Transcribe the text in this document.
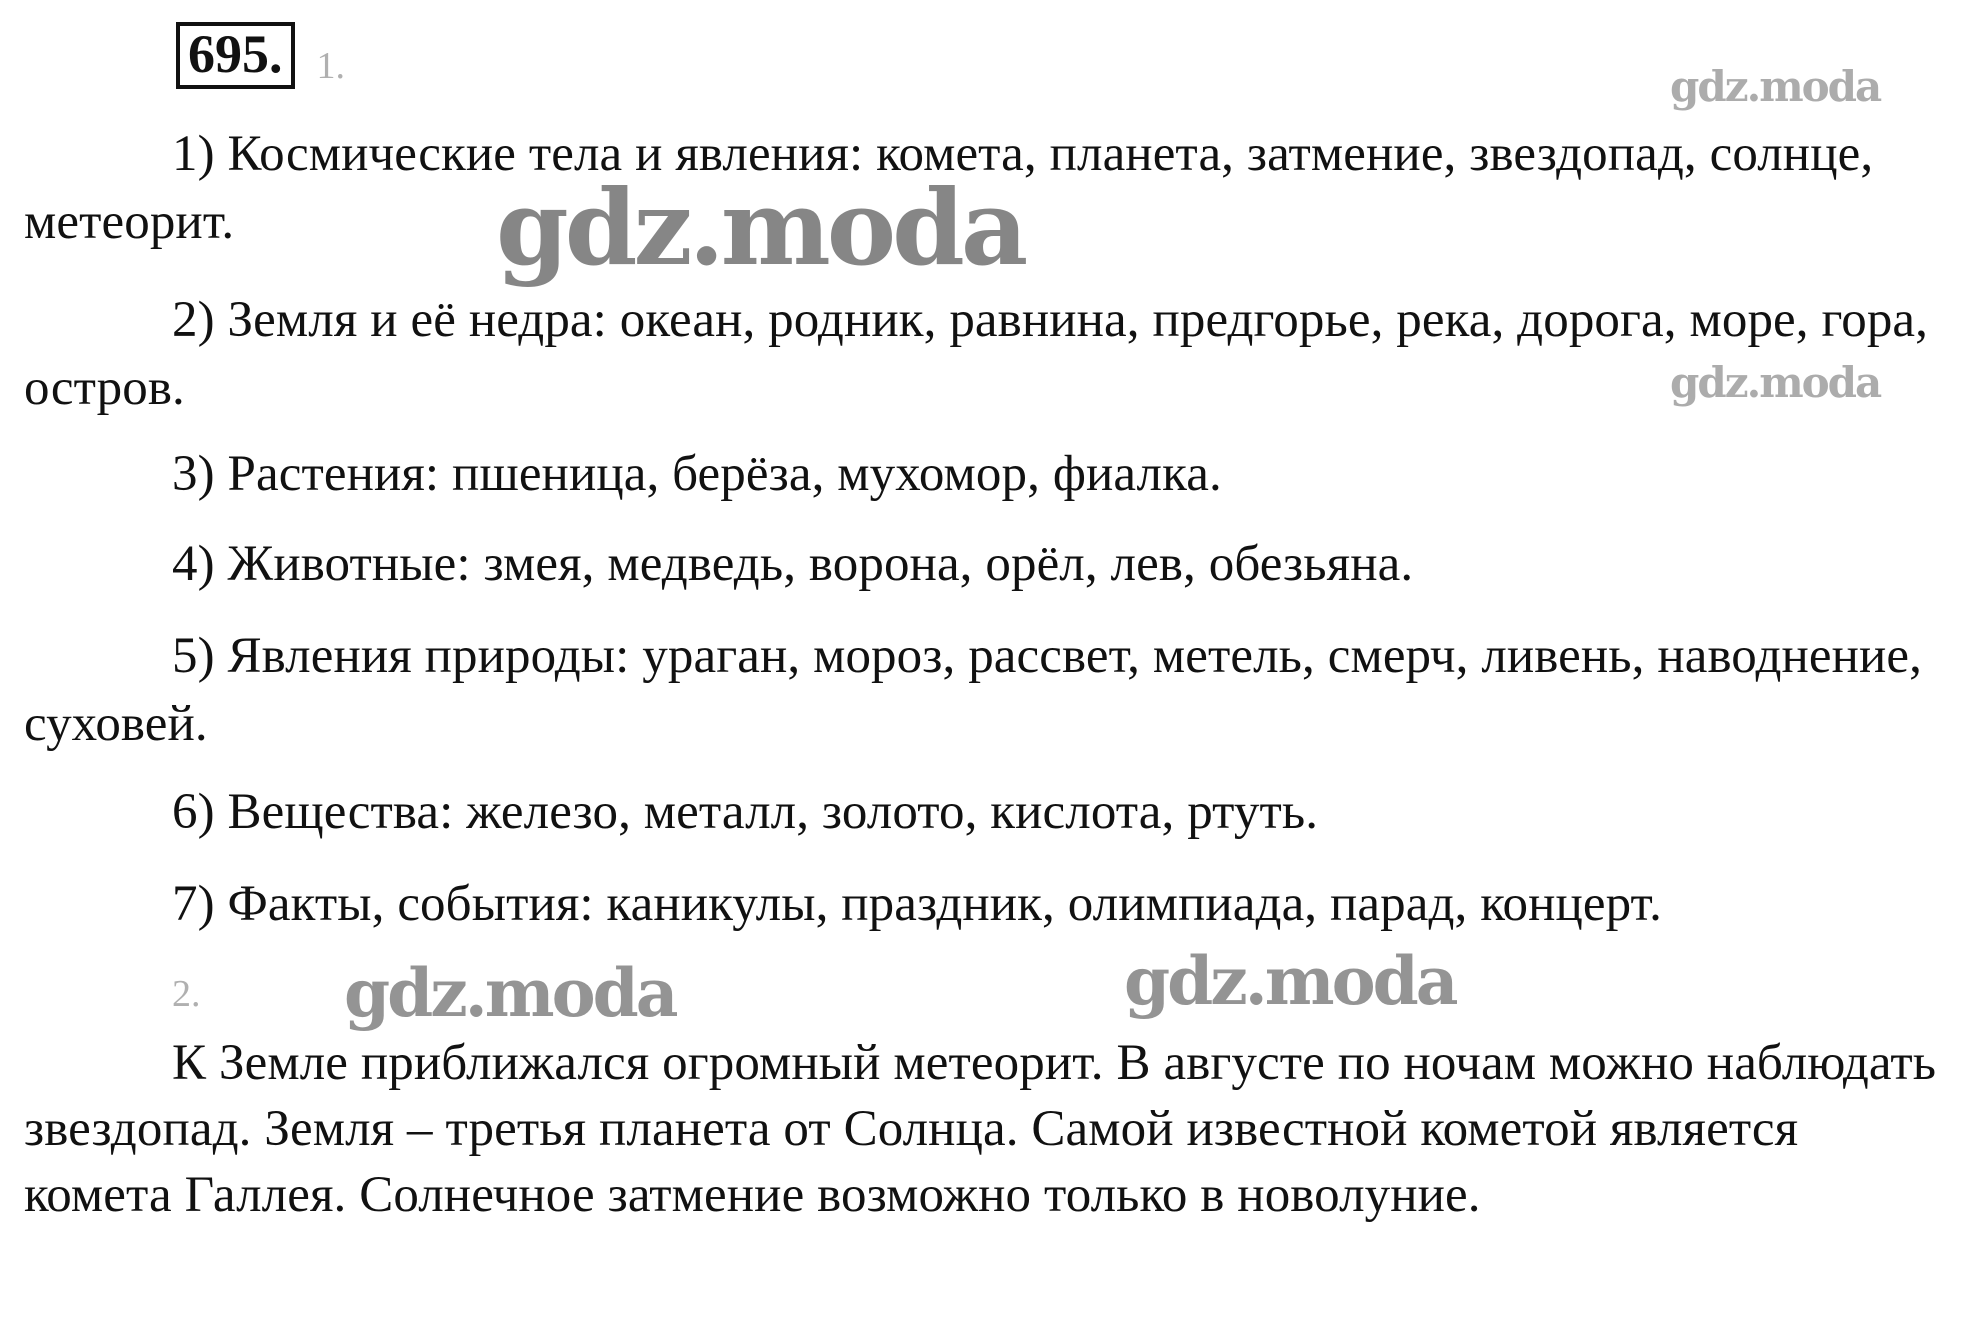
695. 1.

1) Космические тела и явления: комета, планета, затмение, звездопад, солнце, метеорит.

2) Земля и её недра: океан, родник, равнина, предгорье, река, дорога, море, гора, остров.

3) Растения: пшеница, берёза, мухомор, фиалка.

4) Животные: змея, медведь, ворона, орёл, лев, обезьяна.

5) Явления природы: ураган, мороз, рассвет, метель, смерч, ливень, наводнение, суховей.

6) Вещества: железо, металл, золото, кислота, ртуть.

7) Факты, события: каникулы, праздник, олимпиада, парад, концерт.

2.

К Земле приближался огромный метеорит. В августе по ночам можно наблюдать звездопад. Земля – третья планета от Солнца. Самой известной кометой является комета Галлея. Солнечное затмение возможно только в новолуние.

gdz.moda
gdz.moda
gdz.moda
gdz.moda	gdz.moda
